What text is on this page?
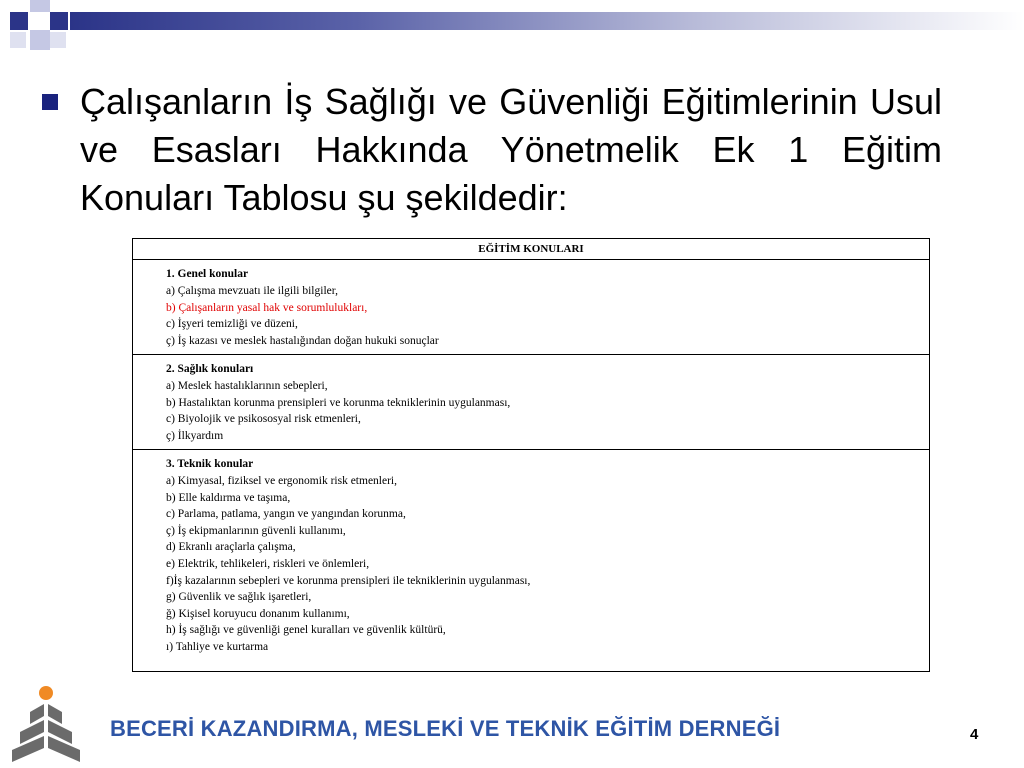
Çalışanların İş Sağlığı ve Güvenliği Eğitimlerinin Usul ve Esasları Hakkında Yönetmelik Ek 1 Eğitim Konuları Tablosu şu şekildedir:
EĞİTİM KONULARI
1. Genel konular
a) Çalışma mevzuatı ile ilgili bilgiler,
b) Çalışanların yasal hak ve sorumlulukları,
c) İşyeri temizliği ve düzeni,
ç) İş kazası ve meslek hastalığından doğan hukuki sonuçlar
2. Sağlık konuları
a) Meslek hastalıklarının sebepleri,
b) Hastalıktan korunma prensipleri ve korunma tekniklerinin uygulanması,
c) Biyolojik ve psikososyal risk etmenleri,
ç) İlkyardım
3. Teknik konular
a) Kimyasal, fiziksel ve ergonomik risk etmenleri,
b) Elle kaldırma ve taşıma,
c) Parlama, patlama, yangın ve yangından korunma,
ç) İş ekipmanlarının güvenli kullanımı,
d) Ekranlı araçlarla çalışma,
e) Elektrik, tehlikeleri, riskleri ve önlemleri,
f)İş kazalarının sebepleri ve korunma prensipleri ile tekniklerinin uygulanması,
g) Güvenlik ve sağlık işaretleri,
ğ) Kişisel koruyucu donanım kullanımı,
h) İş sağlığı ve güvenliği genel kuralları ve güvenlik kültürü,
ı) Tahliye ve kurtarma
BECERİ KAZANDIRMA, MESLEKİ VE TEKNİK EĞİTİM DERNEĞİ	4
